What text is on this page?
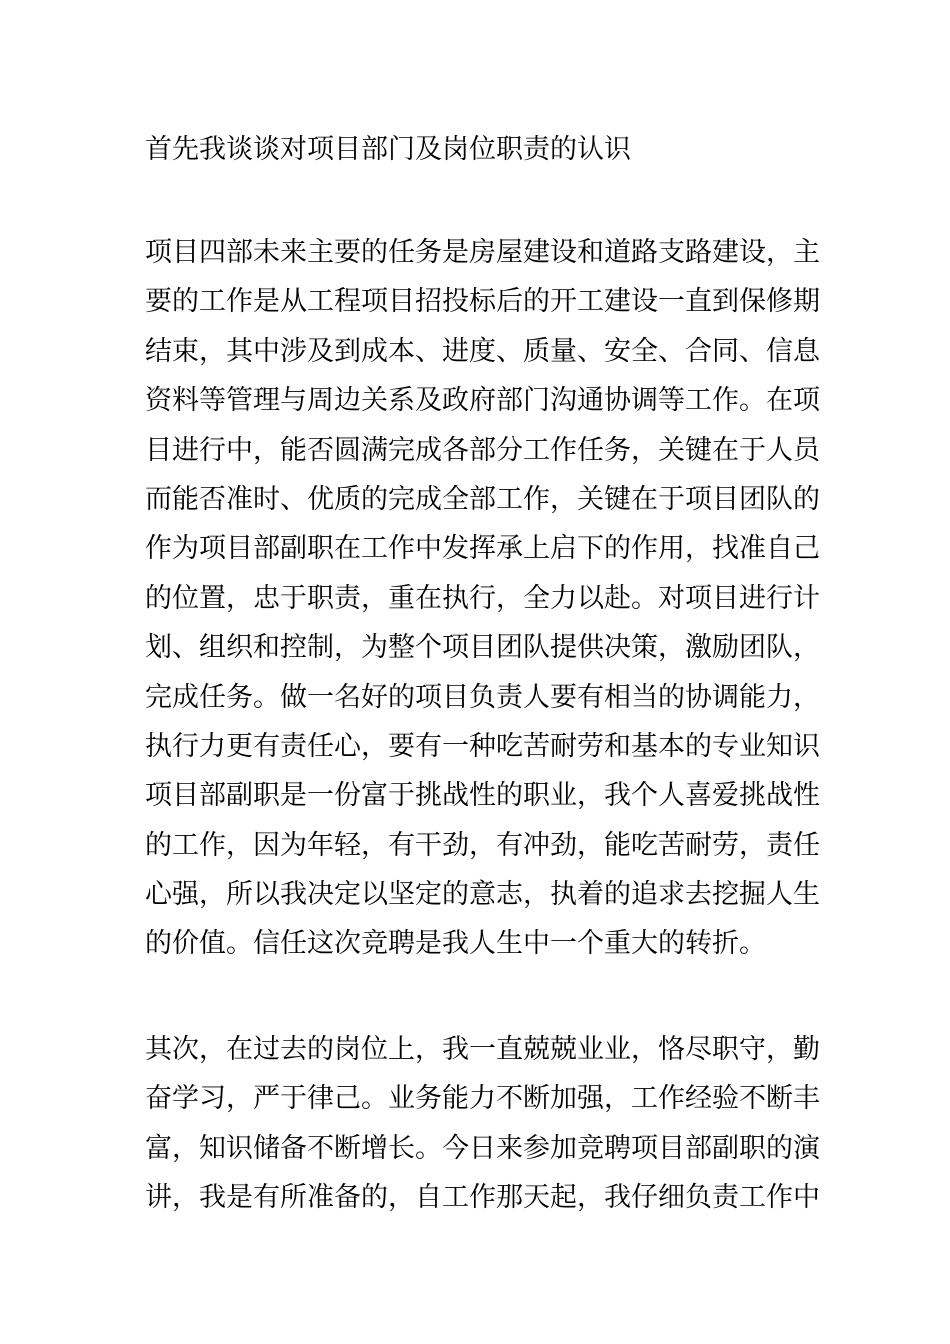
首先我谈谈对项目部门及岗位职责的认识
项目四部未来主要的任务是房屋建设和道路支路建设，主
要的工作是从工程项目招投标后的开工建设一直到保修期
结束，其中涉及到成本、进度、质量、安全、合同、信息
资料等管理与周边关系及政府部门沟通协调等工作。在项
目进行中，能否圆满完成各部分工作任务，关键在于人员
而能否准时、优质的完成全部工作，关键在于项目团队的
作为项目部副职在工作中发挥承上启下的作用，找准自己
的位置，忠于职责，重在执行，全力以赴。对项目进行计
划、组织和控制，为整个项目团队提供决策，激励团队，
完成任务。做一名好的项目负责人要有相当的协调能力，
执行力更有责任心，要有一种吃苦耐劳和基本的专业知识
项目部副职是一份富于挑战性的职业，我个人喜爱挑战性
的工作，因为年轻，有干劲，有冲劲，能吃苦耐劳，责任
心强，所以我决定以坚定的意志，执着的追求去挖掘人生
的价值。信任这次竞聘是我人生中一个重大的转折。
其次，在过去的岗位上，我一直兢兢业业，恪尽职守，勤
奋学习，严于律己。业务能力不断加强，工作经验不断丰
富，知识储备不断增长。今日来参加竞聘项目部副职的演
讲，我是有所准备的，自工作那天起，我仔细负责工作中
